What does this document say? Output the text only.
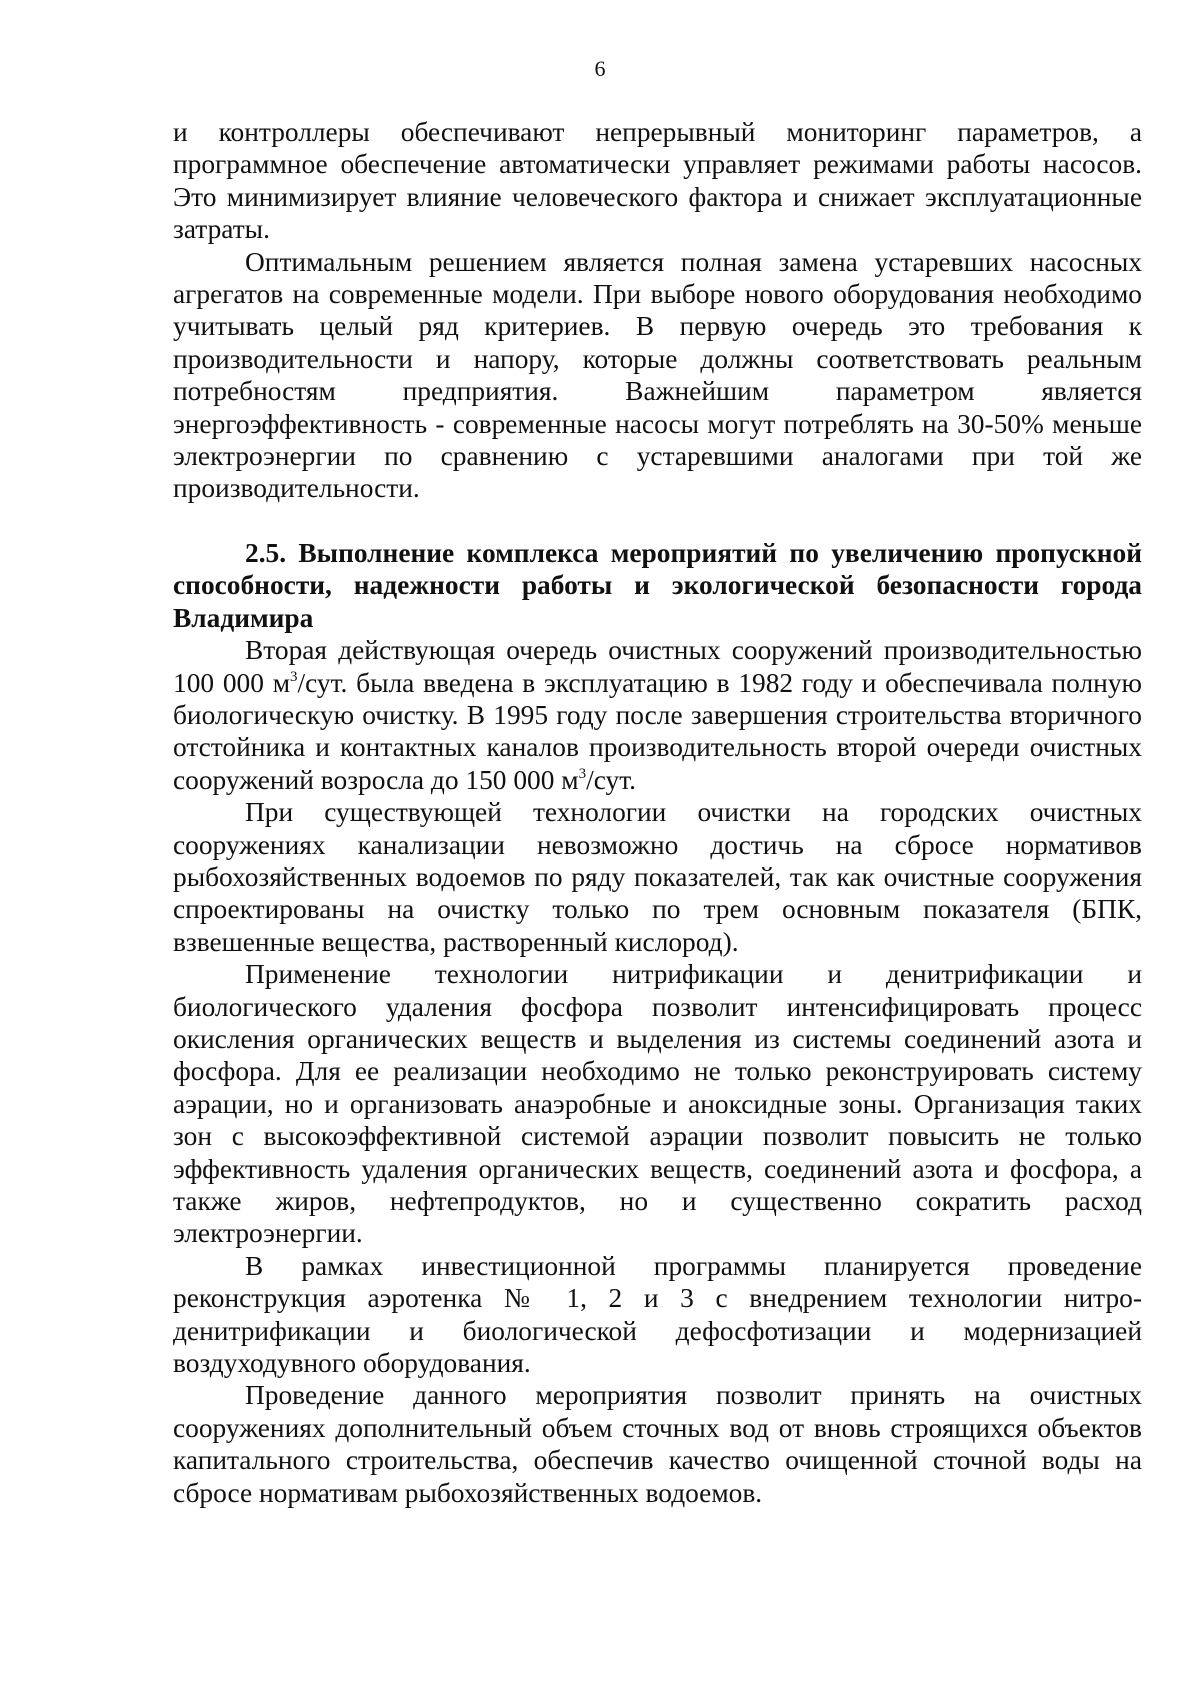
6

и контроллеры обеспечивают непрерывный мониторинг параметров, а программное обеспечение автоматически управляет режимами работы насосов. Это минимизирует влияние человеческого фактора и снижает эксплуатационные затраты.

Оптимальным решением является полная замена устаревших насосных агрегатов на современные модели. При выборе нового оборудования необходимо учитывать целый ряд критериев. В первую очередь это требования к производительности и напору, которые должны соответствовать реальным потребностям предприятия. Важнейшим параметром является энергоэффективность - современные насосы могут потреблять на 30-50% меньше электроэнергии по сравнению с устаревшими аналогами при той же производительности.

2.5. Выполнение комплекса мероприятий по увеличению пропускной способности, надежности работы и экологической безопасности города Владимира

Вторая действующая очередь очистных сооружений производительностью 100 000 $м^3$/сут. была введена в эксплуатацию в 1982 году и обеспечивала полную биологическую очистку. В 1995 году после завершения строительства вторичного отстойника и контактных каналов производительность второй очереди очистных сооружений возросла до 150 000 $м^3$/сут.

При существующей технологии очистки на городских очистных сооружениях канализации невозможно достичь на сбросе нормативов рыбохозяйственных водоемов по ряду показателей, так как очистные сооружения спроектированы на очистку только по трем основным показателя (БПК, взвешенные вещества, растворенный кислород).

Применение технологии нитрификации и денитрификации и биологического удаления фосфора позволит интенсифицировать процесс окисления органических веществ и выделения из системы соединений азота и фосфора. Для ее реализации необходимо не только реконструировать систему аэрации, но и организовать анаэробные и аноксидные зоны. Организация таких зон с высокоэффективной системой аэрации позволит повысить не только эффективность удаления органических веществ, соединений азота и фосфора, а также жиров, нефтепродуктов, но и существенно сократить расход электроэнергии.

В рамках инвестиционной программы планируется проведение реконструкция аэротенка № 1, 2 и 3 с внедрением технологии нитро-денитрификации и биологической дефосфотизации и модернизацией воздуходувного оборудования.

Проведение данного мероприятия позволит принять на очистных сооружениях дополнительный объем сточных вод от вновь строящихся объектов капитального строительства, обеспечив качество очищенной сточной воды на сбросе нормативам рыбохозяйственных водоемов.
